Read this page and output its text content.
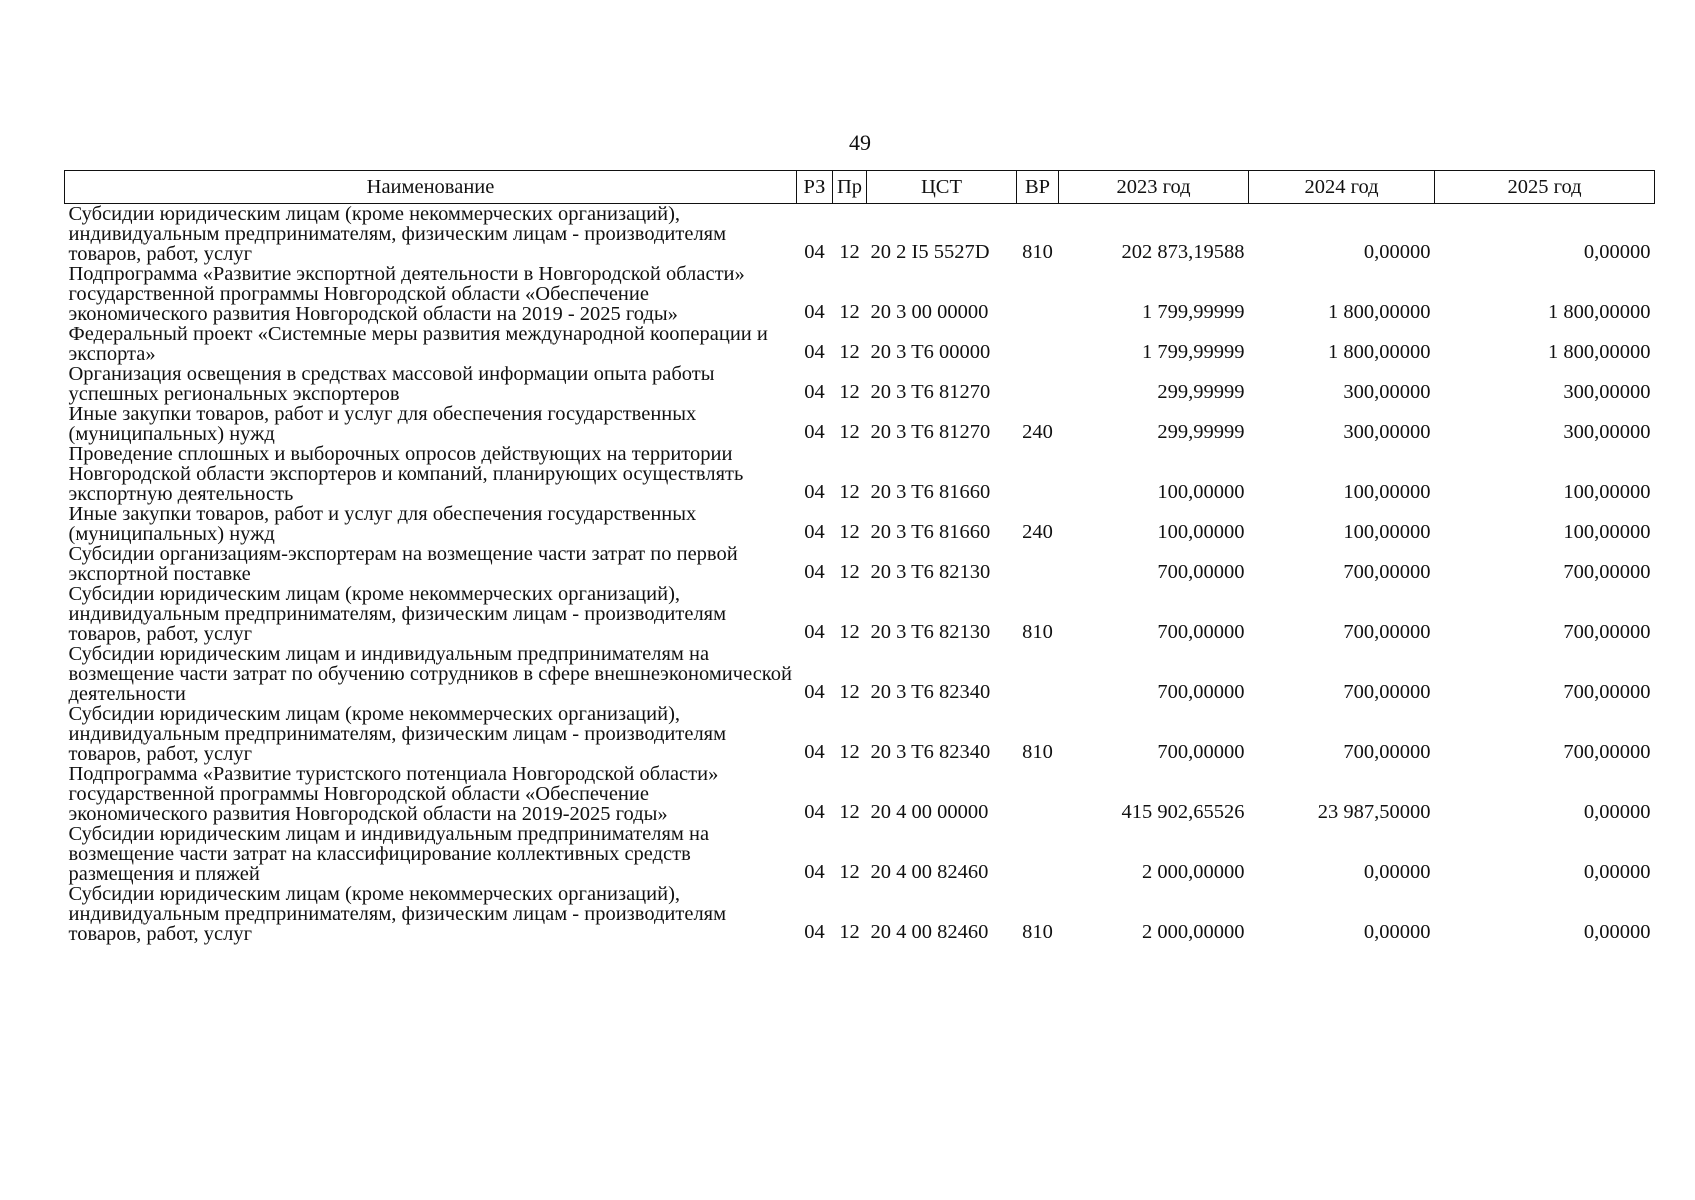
49
Наименование	РЗ	Пр	ЦСТ	ВР	2023 год	2024 год	2025 год
Субсидии юридическим лицам (кроме некоммерческих организаций), индивидуальным предпринимателям, физическим лицам - производителям товаров, работ, услуг	04	12	20 2 I5 5527D	810	202 873,19588	0,00000	0,00000
Подпрограмма «Развитие экспортной деятельности в Новгородской области» государственной программы Новгородской области «Обеспечение экономического развития Новгородской области на 2019 - 2025 годы»	04	12	20 3 00 00000		1 799,99999	1 800,00000	1 800,00000
Федеральный проект «Системные меры развития международной кооперации и экспорта»	04	12	20 3 T6 00000		1 799,99999	1 800,00000	1 800,00000
Организация освещения в средствах массовой информации опыта работы успешных региональных экспортеров	04	12	20 3 T6 81270		299,99999	300,00000	300,00000
Иные закупки товаров, работ и услуг для обеспечения государственных (муниципальных) нужд	04	12	20 3 T6 81270	240	299,99999	300,00000	300,00000
Проведение сплошных и выборочных опросов действующих на территории Новгородской области экспортеров и компаний, планирующих осуществлять экспортную деятельность	04	12	20 3 T6 81660		100,00000	100,00000	100,00000
Иные закупки товаров, работ и услуг для обеспечения государственных (муниципальных) нужд	04	12	20 3 T6 81660	240	100,00000	100,00000	100,00000
Субсидии организациям-экспортерам на возмещение части затрат по первой экспортной поставке	04	12	20 3 T6 82130		700,00000	700,00000	700,00000
Субсидии юридическим лицам (кроме некоммерческих организаций), индивидуальным предпринимателям, физическим лицам - производителям товаров, работ, услуг	04	12	20 3 T6 82130	810	700,00000	700,00000	700,00000
Субсидии юридическим лицам и индивидуальным предпринимателям на возмещение части затрат по обучению сотрудников в сфере внешнеэкономической деятельности	04	12	20 3 T6 82340		700,00000	700,00000	700,00000
Субсидии юридическим лицам (кроме некоммерческих организаций), индивидуальным предпринимателям, физическим лицам - производителям товаров, работ, услуг	04	12	20 3 T6 82340	810	700,00000	700,00000	700,00000
Подпрограмма «Развитие туристского потенциала Новгородской области» государственной программы Новгородской области «Обеспечение экономического развития Новгородской области на 2019-2025 годы»	04	12	20 4 00 00000		415 902,65526	23 987,50000	0,00000
Субсидии юридическим лицам и индивидуальным предпринимателям на возмещение части затрат на классифицирование коллективных средств размещения и пляжей	04	12	20 4 00 82460		2 000,00000	0,00000	0,00000
Субсидии юридическим лицам (кроме некоммерческих организаций), индивидуальным предпринимателям, физическим лицам - производителям товаров, работ, услуг	04	12	20 4 00 82460	810	2 000,00000	0,00000	0,00000
